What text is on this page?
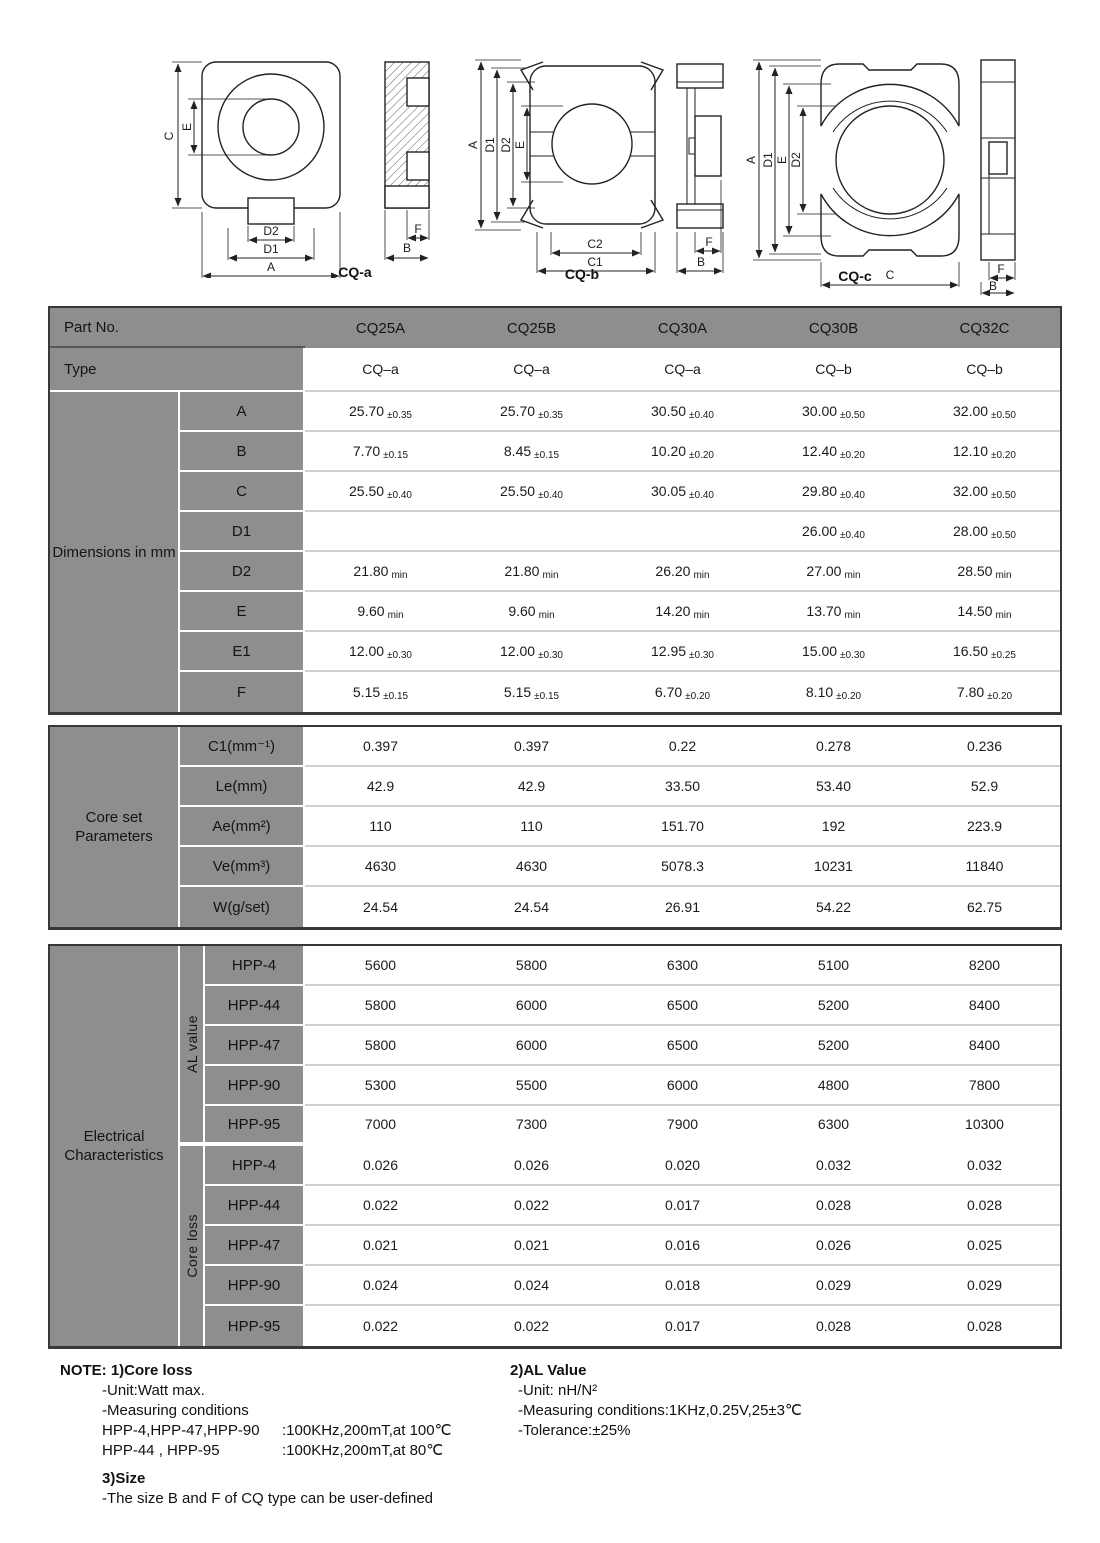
C
E
D2
D1
A
F
B
A D1 D2 E
C2
C1
F
B
A D1 E D2
C	F
B
CQ-a	CQ-b	CQ-c
Part No.		CQ25A	CQ25B	CQ30A	CQ30B	CQ32C
Type		CQ–a	CQ–a	CQ–a	CQ–b	CQ–b
Dimensions in mm	A	25.70 ±0.35	25.70 ±0.35	30.50 ±0.40	30.00 ±0.50	32.00 ±0.50
	B	7.70 ±0.15	8.45 ±0.15	10.20 ±0.20	12.40 ±0.20	12.10 ±0.20
	C	25.50 ±0.40	25.50 ±0.40	30.05 ±0.40	29.80 ±0.40	32.00 ±0.50
	D1				26.00 ±0.40	28.00 ±0.50
	D2	21.80 min	21.80 min	26.20 min	27.00 min	28.50 min
	E	9.60 min	9.60 min	14.20 min	13.70 min	14.50 min
	E1	12.00 ±0.30	12.00 ±0.30	12.95 ±0.30	15.00 ±0.30	16.50 ±0.25
	F	5.15 ±0.15	5.15 ±0.15	6.70 ±0.20	8.10 ±0.20	7.80 ±0.20
Core set Parameters	C1(mm⁻¹)	0.397	0.397	0.22	0.278	0.236
	Le(mm)	42.9	42.9	33.50	53.40	52.9
	Ae(mm²)	110	110	151.70	192	223.9
	Ve(mm³)	4630	4630	5078.3	10231	11840
	W(g/set)	24.54	24.54	26.91	54.22	62.75
Electrical Characteristics	AL value	HPP-4	5600	5800	6300	5100	8200
		HPP-44	5800	6000	6500	5200	8400
		HPP-47	5800	6000	6500	5200	8400
		HPP-90	5300	5500	6000	4800	7800
		HPP-95	7000	7300	7900	6300	10300

	Core loss	HPP-4	0.026	0.026	0.020	0.032	0.032
		HPP-44	0.022	0.022	0.017	0.028	0.028
		HPP-47	0.021	0.021	0.016	0.026	0.025
		HPP-90	0.024	0.024	0.018	0.029	0.029
		HPP-95	0.022	0.022	0.017	0.028	0.028
NOTE: 1)Core loss
-Unit:Watt max.
-Measuring conditions
HPP-4,HPP-47,HPP-90 :100KHz,200mT,at 100℃
HPP-44 , HPP-95	:100KHz,200mT,at 80℃
3)Size
-The size B and F of CQ type can be user-defined
2)AL Value
-Unit: nH/N²
-Measuring conditions:1KHz,0.25V,25±3℃
-Tolerance:±25%
